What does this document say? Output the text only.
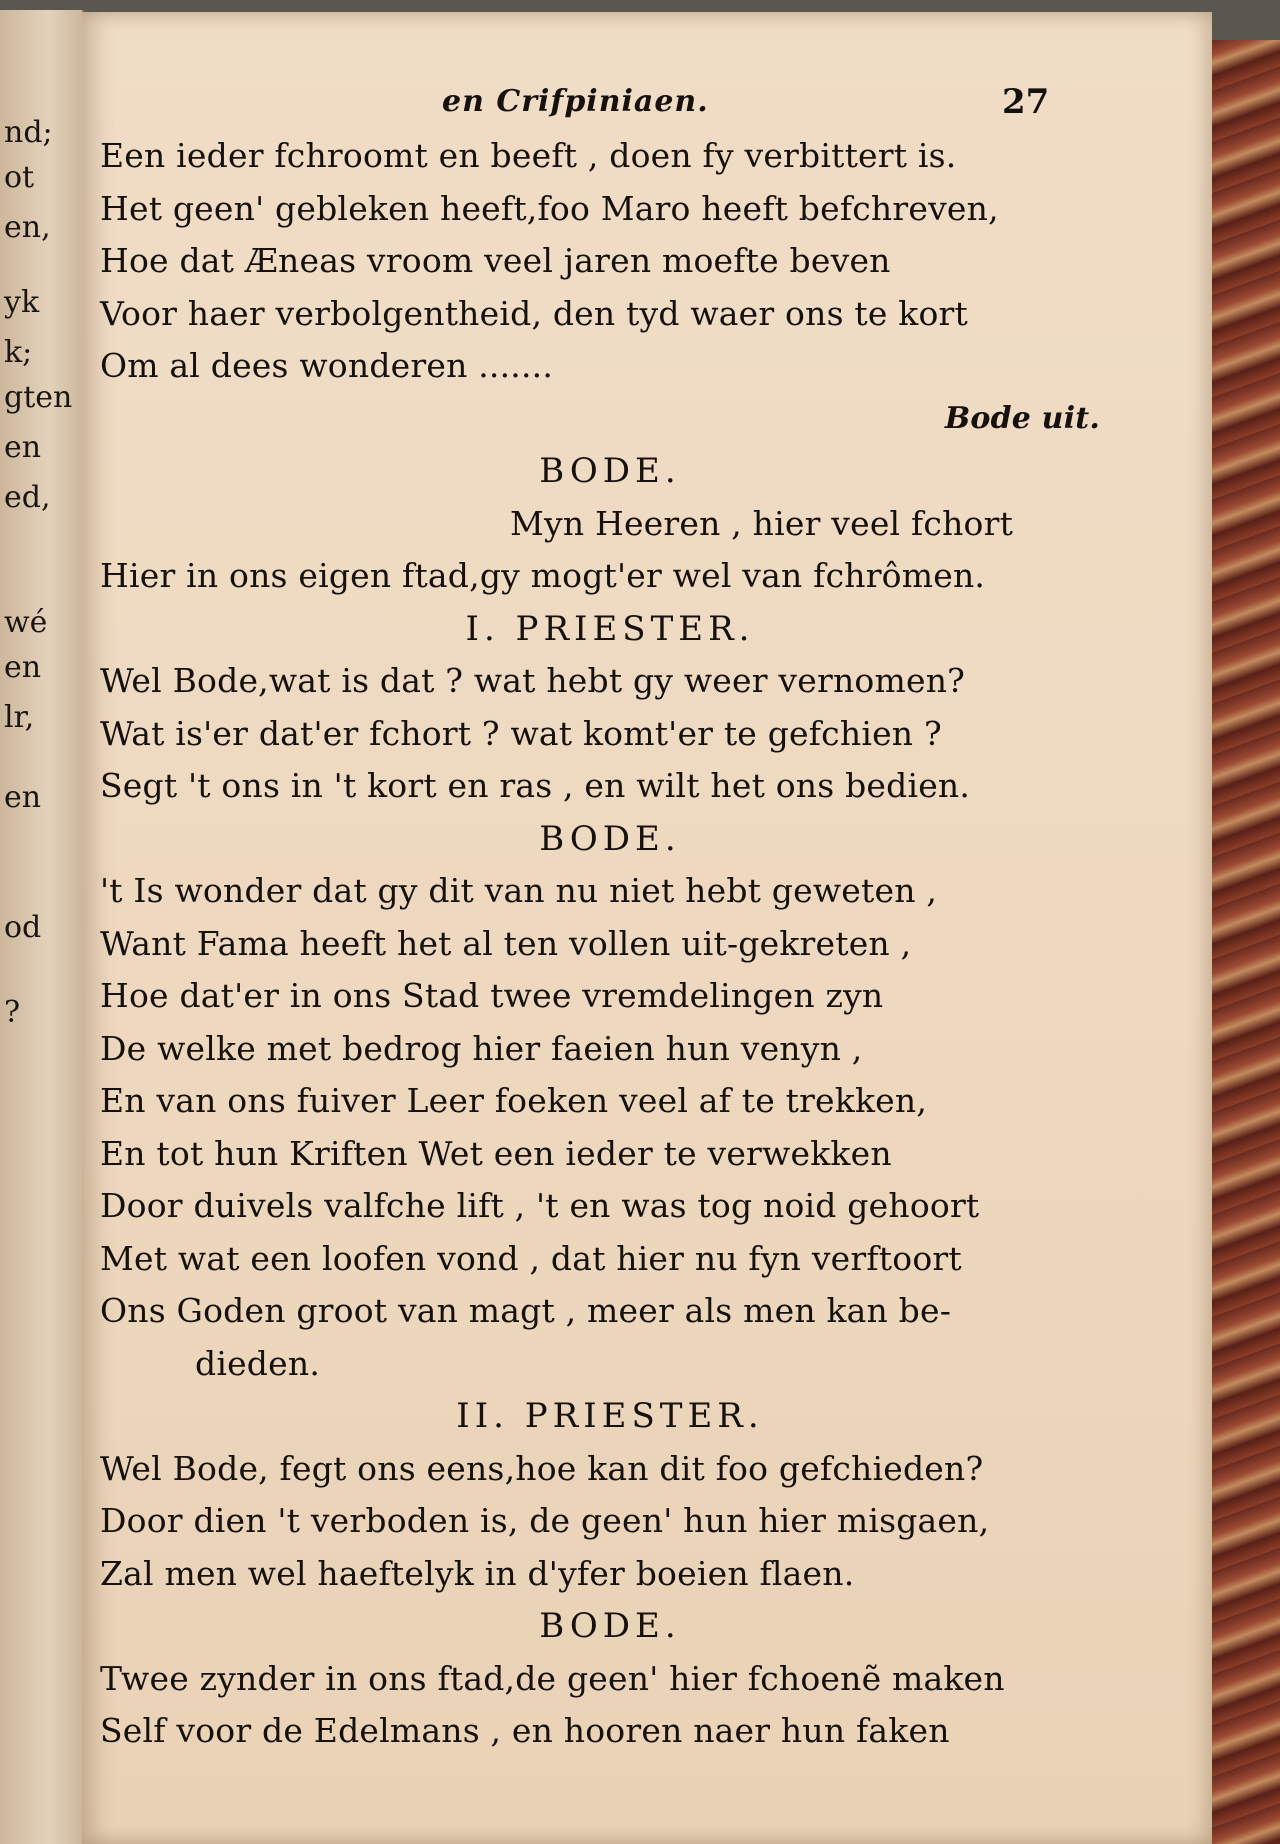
nd;
ot
en,
yk
k;
gten
en
ed,
wé
en
lr,
en
od
?
en Crifpiniaen.	27
Een ieder fchroomt en beeft , doen fy verbittert is.
Het geen' gebleken heeft,foo Maro heeft befchreven,
Hoe dat Æneas vroom veel jaren moefte beven
Voor haer verbolgentheid, den tyd waer ons te kort
Om al dees wonderen .......
Bode uit.
BODE.
Myn Heeren , hier veel fchort
Hier in ons eigen ftad,gy mogt'er wel van fchrômen.
I. PRIESTER.
Wel Bode,wat is dat ? wat hebt gy weer vernomen?
Wat is'er dat'er fchort ? wat komt'er te gefchien ?
Segt 't ons in 't kort en ras , en wilt het ons bedien.
BODE.
't Is wonder dat gy dit van nu niet hebt geweten ,
Want Fama heeft het al ten vollen uit-gekreten ,
Hoe dat'er in ons Stad twee vremdelingen zyn
De welke met bedrog hier faeien hun venyn ,
En van ons fuiver Leer foeken veel af te trekken,
En tot hun Kriften Wet een ieder te verwekken
Door duivels valfche lift , 't en was tog noid gehoort
Met wat een loofen vond , dat hier nu fyn verftoort
Ons Goden groot van magt , meer als men kan be-
dieden.
II. PRIESTER.
Wel Bode, fegt ons eens,hoe kan dit foo gefchieden?
Door dien 't verboden is, de geen' hun hier misgaen,
Zal men wel haeftelyk in d'yfer boeien flaen.
BODE.
Twee zynder in ons ftad,de geen' hier fchoenẽ maken
Self voor de Edelmans , en hooren naer hun faken
